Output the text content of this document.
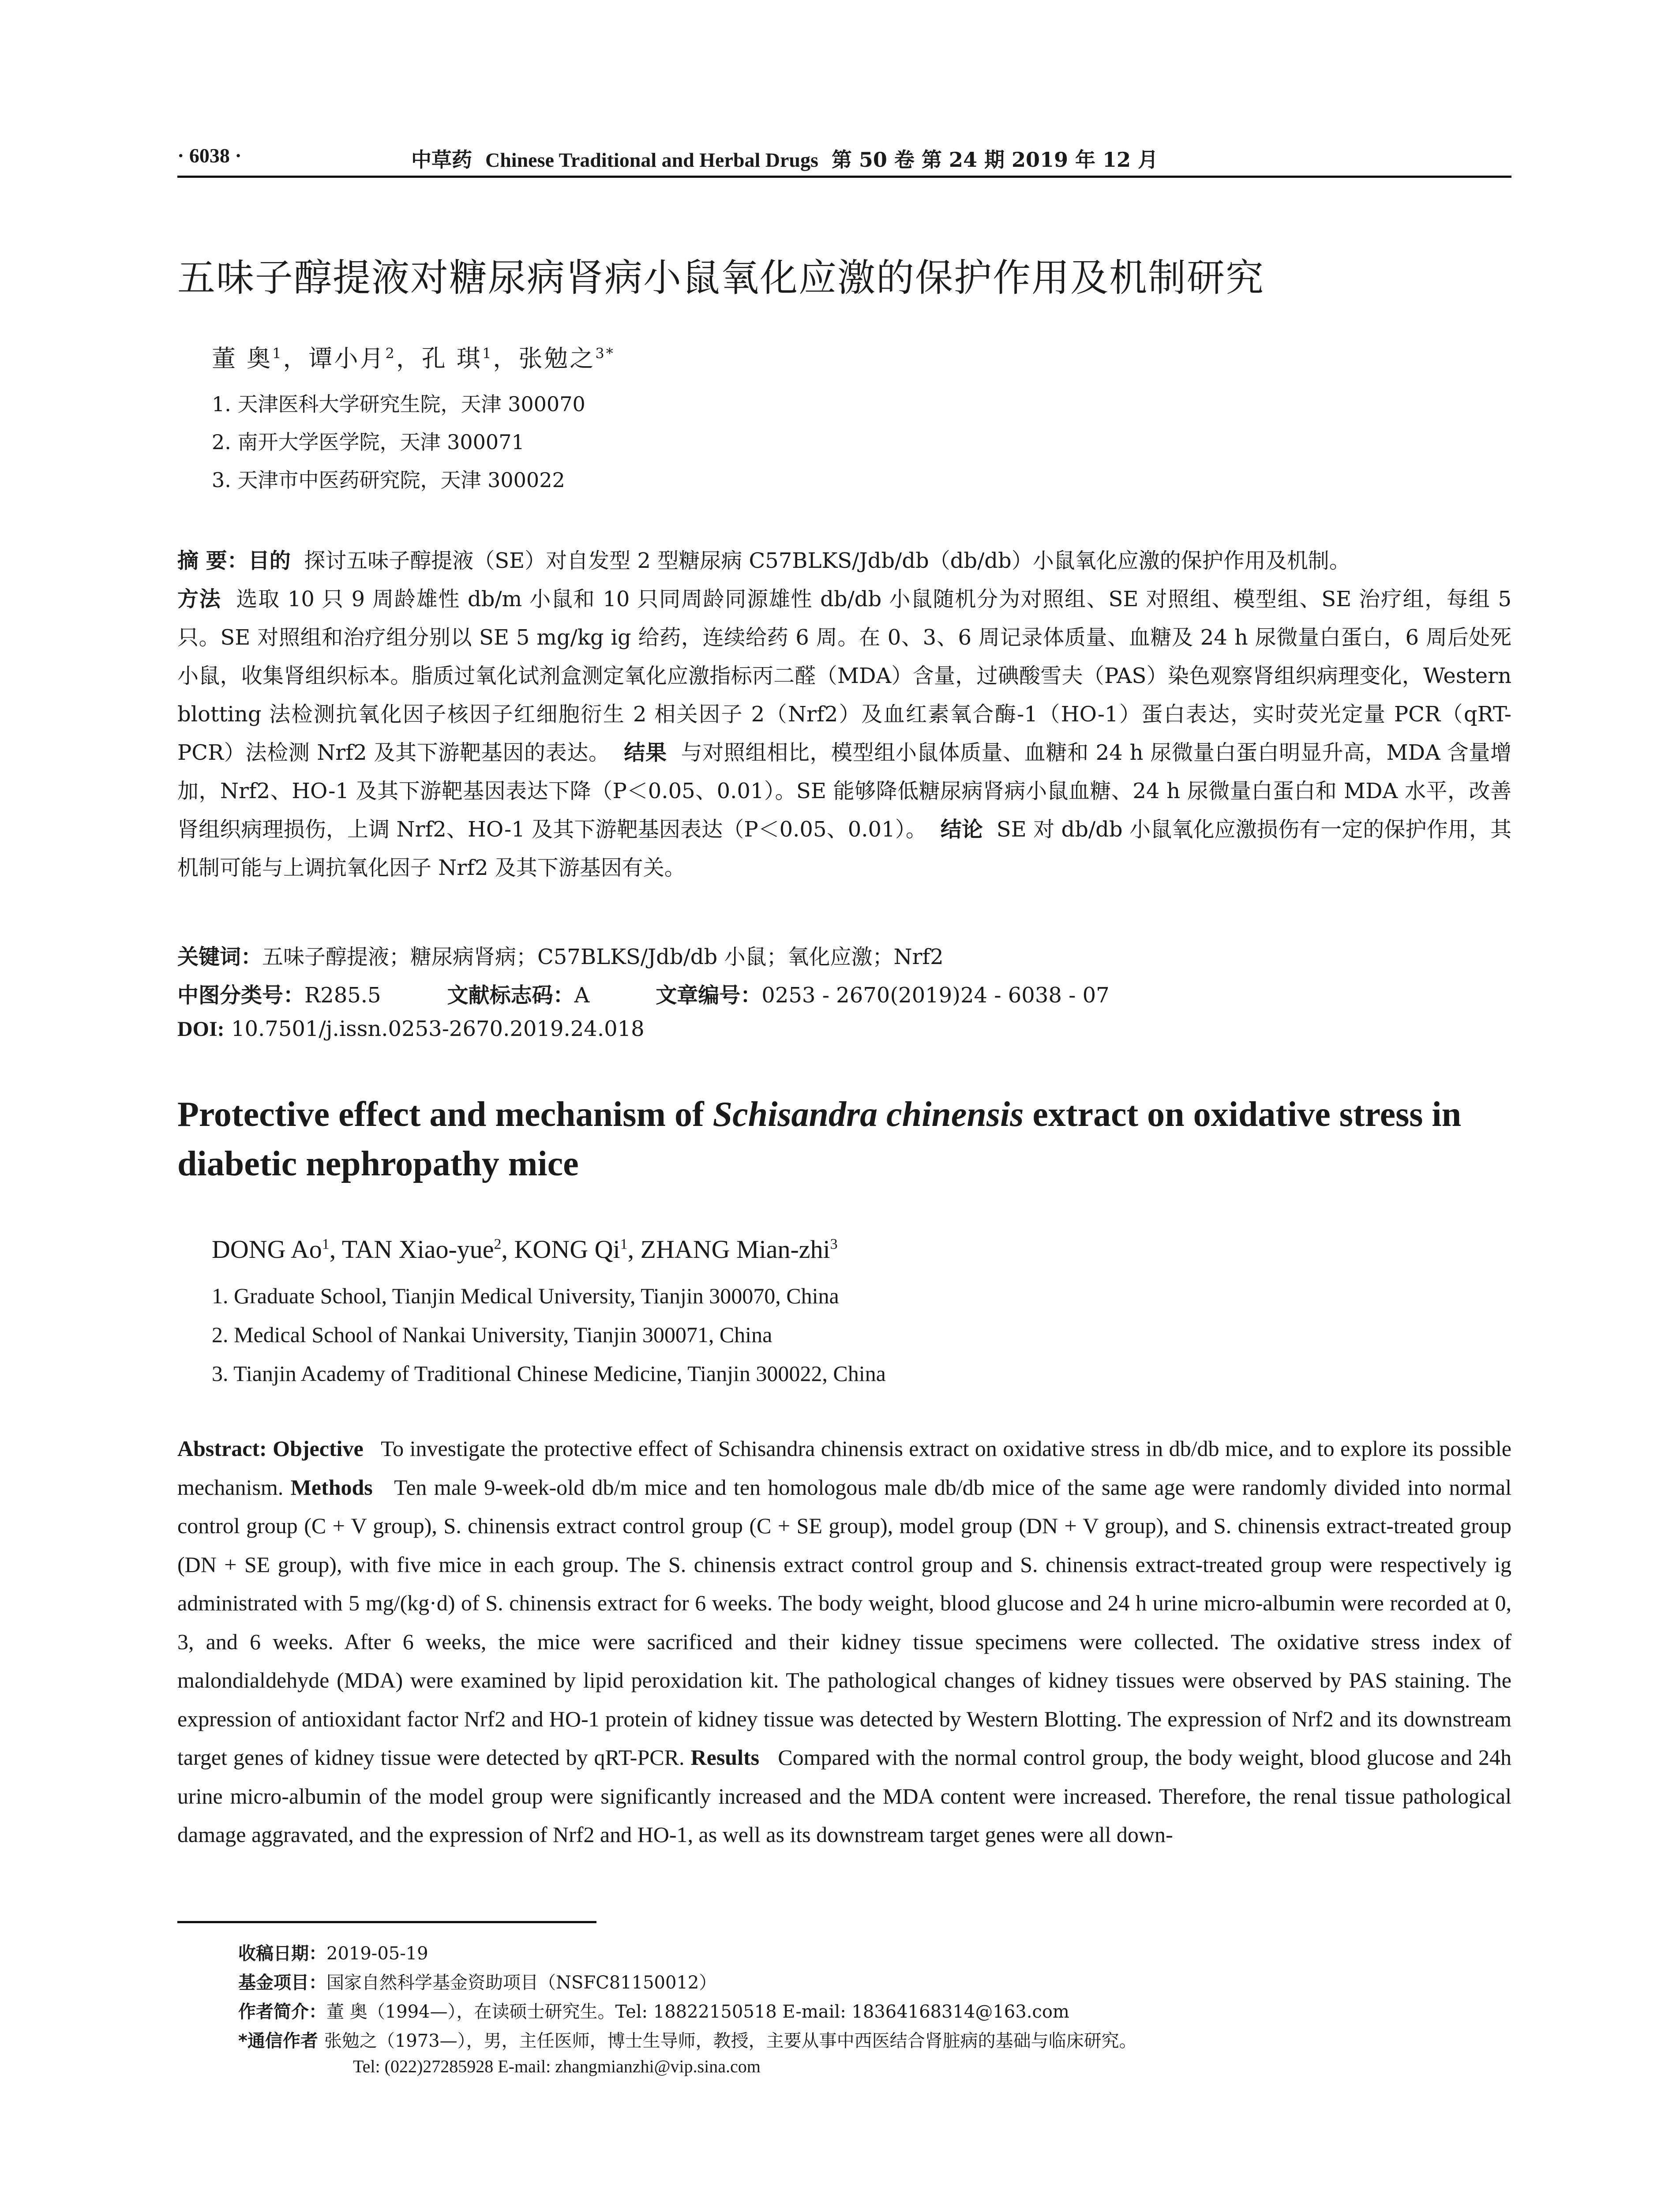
· 6038 ·	中草药 Chinese Traditional and Herbal Drugs 第 50 卷 第 24 期 2019 年 12 月
五味子醇提液对糖尿病肾病小鼠氧化应激的保护作用及机制研究
董 奥$^1$，谭小月$^2$，孔 琪$^1$，张勉之$^{3*}$
1. 天津医科大学研究生院，天津 300070
2. 南开大学医学院，天津 300071
3. 天津市中医药研究院，天津 300022
摘 要：目的 探讨五味子醇提液（SE）对自发型 2 型糖尿病 C57BLKS/Jdb/db（db/db）小鼠氧化应激的保护作用及机制。
方法 选取 10 只 9 周龄雄性 db/m 小鼠和 10 只同周龄同源雄性 db/db 小鼠随机分为对照组、SE 对照组、模型组、SE 治疗组，每组 5 只。SE 对照组和治疗组分别以 SE 5 mg/kg ig 给药，连续给药 6 周。在 0、3、6 周记录体质量、血糖及 24 h 尿微量白蛋白，6 周后处死小鼠，收集肾组织标本。脂质过氧化试剂盒测定氧化应激指标丙二醛（MDA）含量，过碘酸雪夫（PAS）染色观察肾组织病理变化，Western blotting 法检测抗氧化因子核因子红细胞衍生 2 相关因子 2（Nrf2）及血红素氧合酶-1（HO-1）蛋白表达，实时荧光定量 PCR（qRT-PCR）法检测 Nrf2 及其下游靶基因的表达。 结果 与对照组相比，模型组小鼠体质量、血糖和 24 h 尿微量白蛋白明显升高，MDA 含量增加，Nrf2、HO-1 及其下游靶基因表达下降（P＜0.05、0.01）。SE 能够降低糖尿病肾病小鼠血糖、24 h 尿微量白蛋白和 MDA 水平，改善肾组织病理损伤，上调 Nrf2、HO-1 及其下游靶基因表达（P＜0.05、0.01）。 结论 SE 对 db/db 小鼠氧化应激损伤有一定的保护作用，其机制可能与上调抗氧化因子 Nrf2 及其下游基因有关。
关键词：五味子醇提液；糖尿病肾病；C57BLKS/Jdb/db 小鼠；氧化应激；Nrf2
中图分类号：R285.5	文献标志码：A	文章编号：0253 - 2670(2019)24 - 6038 - 07
DOI: 10.7501/j.issn.0253-2670.2019.24.018
Protective effect and mechanism of Schisandra chinensis extract on oxidative stress in diabetic nephropathy mice
DONG Ao$^1$, TAN Xiao-yue$^2$, KONG Qi$^1$, ZHANG Mian-zhi$^3$
1. Graduate School, Tianjin Medical University, Tianjin 300070, China
2. Medical School of Nankai University, Tianjin 300071, China
3. Tianjin Academy of Traditional Chinese Medicine, Tianjin 300022, China
Abstract: Objective To investigate the protective effect of Schisandra chinensis extract on oxidative stress in db/db mice, and to explore its possible mechanism. Methods Ten male 9-week-old db/m mice and ten homologous male db/db mice of the same age were randomly divided into normal control group (C + V group), S. chinensis extract control group (C + SE group), model group (DN + V group), and S. chinensis extract-treated group (DN + SE group), with five mice in each group. The S. chinensis extract control group and S. chinensis extract-treated group were respectively ig administrated with 5 mg/(kg·d) of S. chinensis extract for 6 weeks. The body weight, blood glucose and 24 h urine micro-albumin were recorded at 0, 3, and 6 weeks. After 6 weeks, the mice were sacrificed and their kidney tissue specimens were collected. The oxidative stress index of malondialdehyde (MDA) were examined by lipid peroxidation kit. The pathological changes of kidney tissues were observed by PAS staining. The expression of antioxidant factor Nrf2 and HO-1 protein of kidney tissue was detected by Western Blotting. The expression of Nrf2 and its downstream target genes of kidney tissue were detected by qRT-PCR. Results Compared with the normal control group, the body weight, blood glucose and 24h urine micro-albumin of the model group were significantly increased and the MDA content were increased. Therefore, the renal tissue pathological damage aggravated, and the expression of Nrf2 and HO-1, as well as its downstream target genes were all down-
收稿日期：2019-05-19
基金项目：国家自然科学基金资助项目（NSFC81150012）
作者简介：董 奥（1994—），在读硕士研究生。Tel: 18822150518 E-mail: 18364168314@163.com
*通信作者 张勉之（1973—），男，主任医师，博士生导师，教授，主要从事中西医结合肾脏病的基础与临床研究。
Tel: (022)27285928 E-mail: zhangmianzhi@vip.sina.com
